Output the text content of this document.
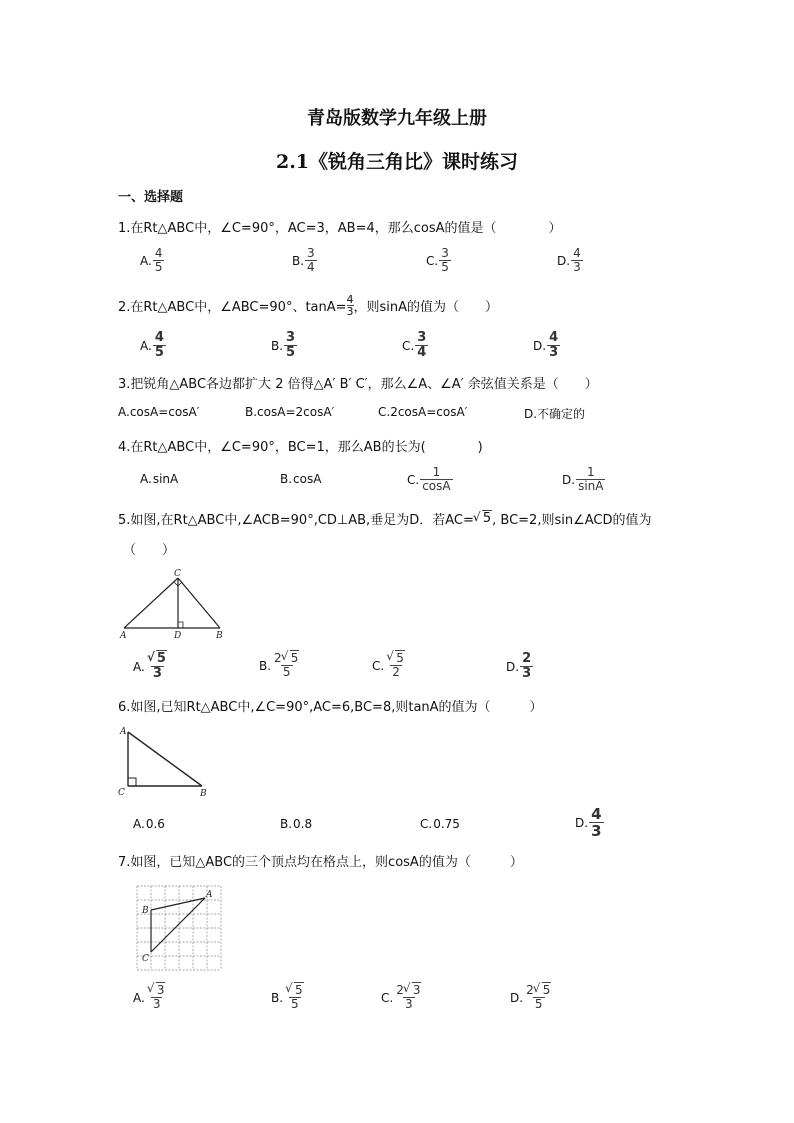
青岛版数学九年级上册
2.1《锐角三角比》课时练习
一、选择题
1.在Rt△ABC中，∠C=90°，AC=3，AB=4，那么cosA的值是（　　　　）
A. $\frac{4}{5}$	B. $\frac{3}{4}$	C. $\frac{3}{5}$	D. $\frac{4}{3}$
2.在Rt△ABC中，∠ABC=90°、$\tan A= \frac{4}{3}$ ，则sinA的值为（　　）
A. $\frac{4}{5}$	B. $\frac{3}{5}$	C. $\frac{3}{4}$	D. $\frac{4}{3}$
3.把锐角△ABC各边都扩大 2 倍得△A′ B′ C′，那么∠A、∠A′ 余弦值关系是（　　）
A.cosA=cosA′	B.cosA=2cosA′	C.2cosA=cosA′	D.不确定的
4.在Rt△ABC中，∠C=90°，BC=1，那么AB的长为(　　　　)
A. sinA	B. cosA	C. $\frac{1}{\cos A}$	D. $\frac{1}{\sin A}$
5.如图,在Rt△ABC中,∠ACB=90°,CD⊥AB,垂足为D．若AC= √ 5 , BC=2,则sin∠ACD的值为
（　　）
C
A	D	B
A. √ $\frac{5}{3}$	B. $\frac{2 √ 5}{5}$	C. √ $\frac{5}{2}$	D. $\frac{2}{3}$
6.如图,已知Rt△ABC中,∠C=90°,AC=6,BC=8,则tanA的值为（　　　）
A
C	B
A. 0.6	B. 0.8	C. 0.75	D. $\frac{4}{3}$
7.如图，已知△ABC的三个顶点均在格点上，则cosA的值为（　　　）
A
B
C
A. √ $\frac{3}{3}$	B. √ $\frac{5}{5}$	C. $\frac{2 √ 3}{3}$	D. $\frac{2 √ 5}{5}$
